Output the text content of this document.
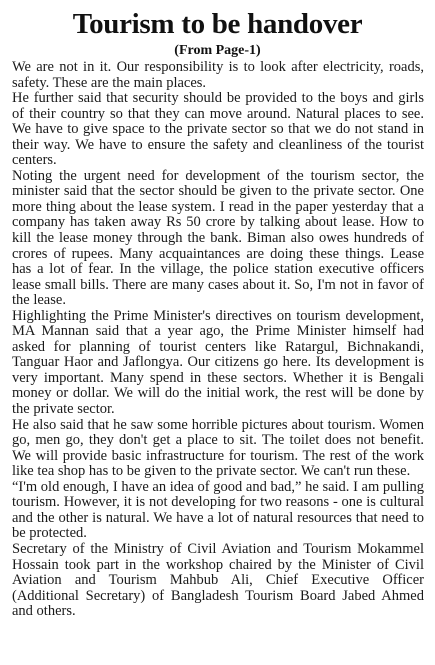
Tourism to be handover
(From Page-1)

We are not in it. Our responsibility is to look after electricity, roads, safety. These are the main places.

He further said that security should be provided to the boys and girls of their country so that they can move around. Natural places to see. We have to give space to the private sector so that we do not stand in their way. We have to ensure the safety and cleanliness of the tourist centers.

Noting the urgent need for development of the tourism sector, the minister said that the sector should be given to the private sector. One more thing about the lease system. I read in the paper yesterday that a company has taken away Rs 50 crore by talking about lease. How to kill the lease money through the bank. Biman also owes hundreds of crores of rupees. Many acquaintances are doing these things. Lease has a lot of fear. In the village, the police station executive officers lease small bills. There are many cases about it. So, I'm not in favor of the lease.

Highlighting the Prime Minister's directives on tourism development, MA Mannan said that a year ago, the Prime Minister himself had asked for planning of tourist centers like Ratargul, Bichnakandi, Tanguar Haor and Jaflongya. Our citizens go here. Its development is very important. Many spend in these sectors. Whether it is Bengali money or dollar. We will do the initial work, the rest will be done by the private sector.

He also said that he saw some horrible pictures about tourism. Women go, men go, they don't get a place to sit. The toilet does not benefit. We will provide basic infrastructure for tourism. The rest of the work like tea shop has to be given to the private sector. We can't run these.

“I'm old enough, I have an idea of good and bad,” he said. I am pulling tourism. However, it is not developing for two reasons - one is cultural and the other is natural. We have a lot of natural resources that need to be protected.

Secretary of the Ministry of Civil Aviation and Tourism Mokammel Hossain took part in the workshop chaired by the Minister of Civil Aviation and Tourism Mahbub Ali, Chief Executive Officer (Additional Secretary) of Bangladesh Tourism Board Jabed Ahmed and others.
